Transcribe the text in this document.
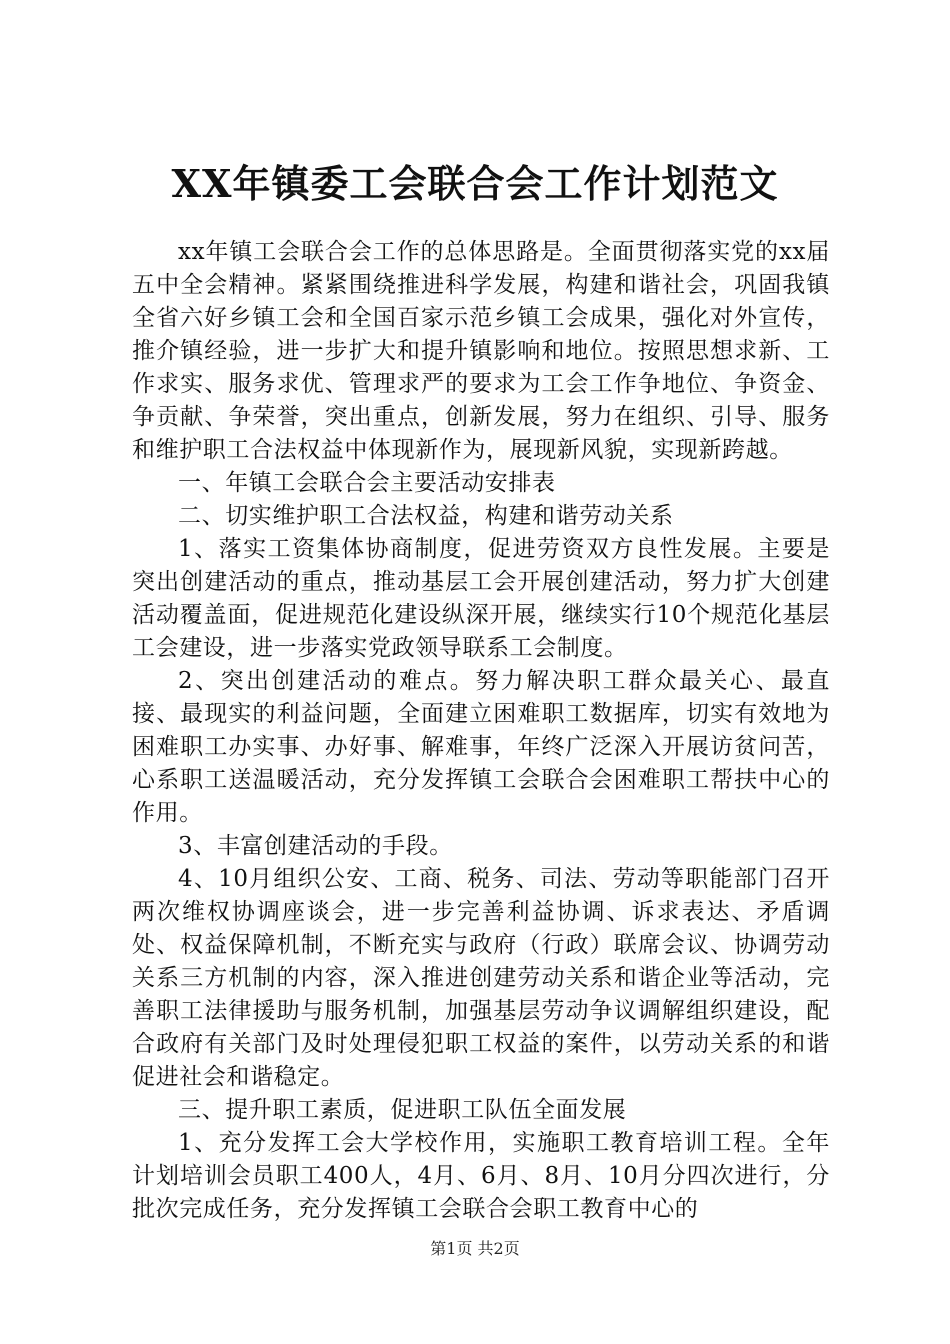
XX年镇委工会联合会工作计划范文

xx年镇工会联合会工作的总体思路是。全面贯彻落实党的xx届五中全会精神。紧紧围绕推进科学发展，构建和谐社会，巩固我镇全省六好乡镇工会和全国百家示范乡镇工会成果，强化对外宣传，推介镇经验，进一步扩大和提升镇影响和地位。按照思想求新、工作求实、服务求优、管理求严的要求为工会工作争地位、争资金、争贡献、争荣誉，突出重点，创新发展，努力在组织、引导、服务和维护职工合法权益中体现新作为，展现新风貌，实现新跨越。

一、年镇工会联合会主要活动安排表

二、切实维护职工合法权益，构建和谐劳动关系

1、落实工资集体协商制度，促进劳资双方良性发展。主要是突出创建活动的重点，推动基层工会开展创建活动，努力扩大创建活动覆盖面，促进规范化建设纵深开展，继续实行10个规范化基层工会建设，进一步落实党政领导联系工会制度。

2、突出创建活动的难点。努力解决职工群众最关心、最直接、最现实的利益问题，全面建立困难职工数据库，切实有效地为困难职工办实事、办好事、解难事，年终广泛深入开展访贫问苦，心系职工送温暖活动，充分发挥镇工会联合会困难职工帮扶中心的作用。

3、丰富创建活动的手段。

4、10月组织公安、工商、税务、司法、劳动等职能部门召开两次维权协调座谈会，进一步完善利益协调、诉求表达、矛盾调处、权益保障机制，不断充实与政府（行政）联席会议、协调劳动关系三方机制的内容，深入推进创建劳动关系和谐企业等活动，完善职工法律援助与服务机制，加强基层劳动争议调解组织建设，配合政府有关部门及时处理侵犯职工权益的案件，以劳动关系的和谐促进社会和谐稳定。

三、提升职工素质，促进职工队伍全面发展

1、充分发挥工会大学校作用，实施职工教育培训工程。全年计划培训会员职工400人，4月、6月、8月、10月分四次进行，分批次完成任务，充分发挥镇工会联合会职工教育中心的

第1页 共2页
